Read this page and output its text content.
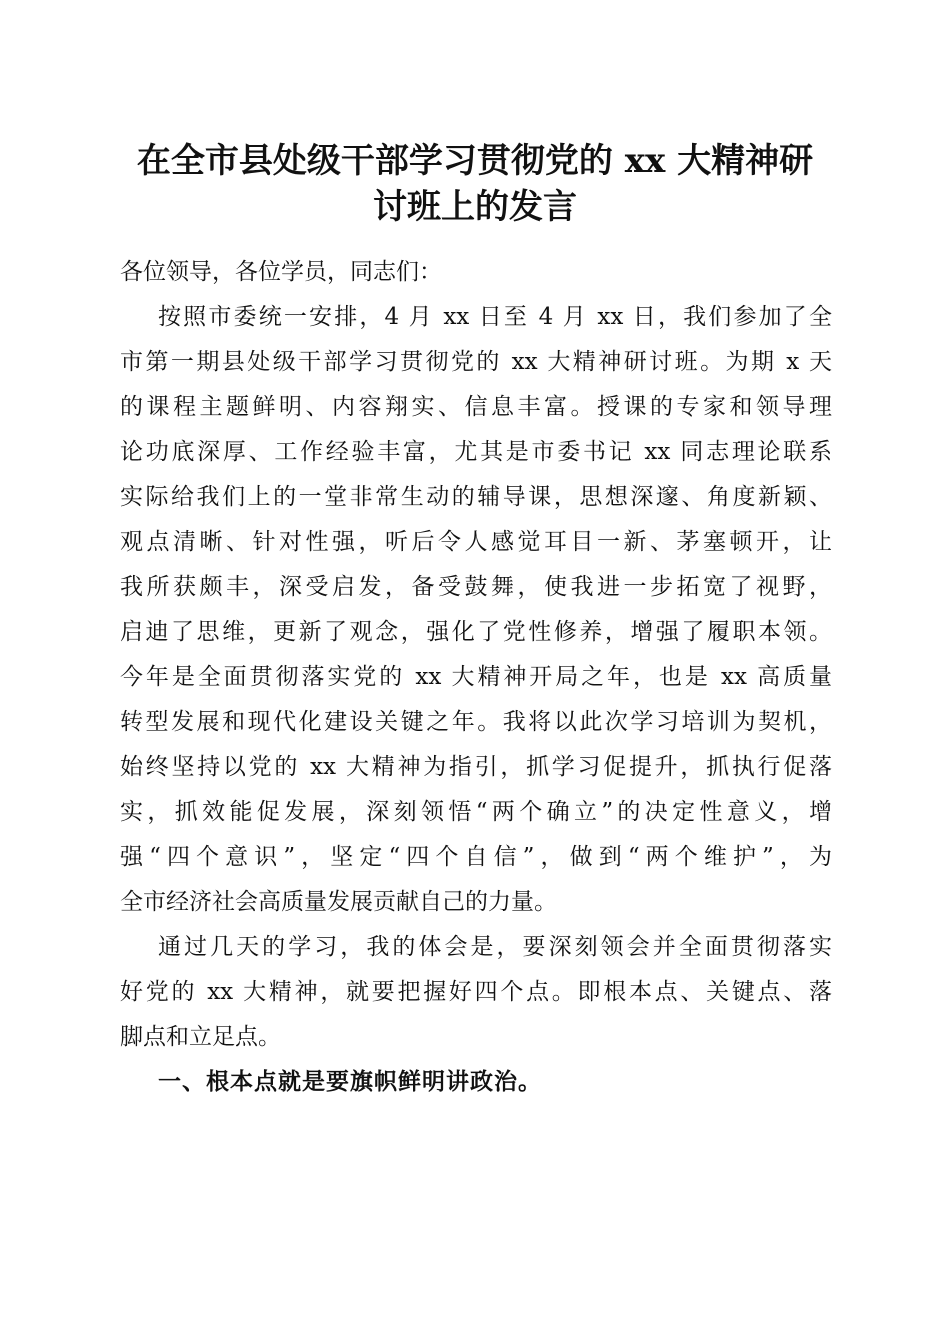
在全市县处级干部学习贯彻党的 xx 大精神研
讨班上的发言
各位领导，各位学员，同志们：
按照市委统一安排，4 月 xx 日至 4 月 xx 日，我们参加了全
市第一期县处级干部学习贯彻党的 xx 大精神研讨班。为期 x 天
的课程主题鲜明、内容翔实、信息丰富。授课的专家和领导理
论功底深厚、工作经验丰富，尤其是市委书记 xx 同志理论联系
实际给我们上的一堂非常生动的辅导课，思想深邃、角度新颖、
观点清晰、针对性强，听后令人感觉耳目一新、茅塞顿开，让
我所获颇丰，深受启发，备受鼓舞，使我进一步拓宽了视野，
启迪了思维，更新了观念，强化了党性修养，增强了履职本领。
今年是全面贯彻落实党的 xx 大精神开局之年，也是 xx 高质量
转型发展和现代化建设关键之年。我将以此次学习培训为契机，
始终坚持以党的 xx 大精神为指引，抓学习促提升，抓执行促落
实，抓效能促发展，深刻领悟“两个确立”的决定性意义，增
强“四个意识”，坚定“四个自信”，做到“两个维护”，为
全市经济社会高质量发展贡献自己的力量。
通过几天的学习，我的体会是，要深刻领会并全面贯彻落实
好党的 xx 大精神，就要把握好四个点。即根本点、关键点、落
脚点和立足点。
一、根本点就是要旗帜鲜明讲政治。
